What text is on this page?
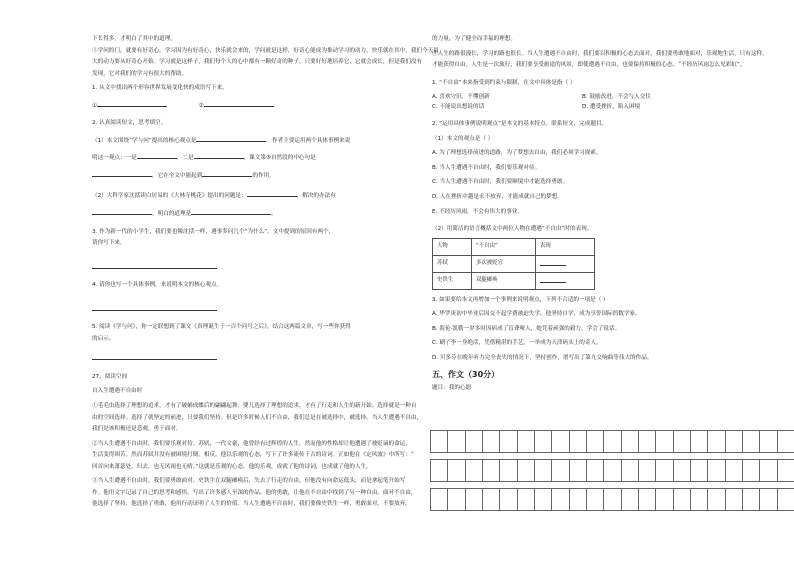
下长得多，才明白了其中的道理。

⑤学问的门，就要有好奇心，学习因为有好奇心，快乐就会来的，学问就是这样，好奇心能成为推动学习的动力，快乐就在其中。我们今天最

大的动力要从好奇心开始。学习就是这样子，我们每个人的心中都有一颗好奇的种子，只要好好地培养它，它就会成长，但是我们没有

发现，它对我们的学习有很大的帮助。

1. 从文中找出两个形容世界发展变化快的成语写下来。

①	②

2. 认真阅读短文，思考填空。

（1）本文围绕“学与问”提出的核心观点是	。作者主要运用两个具体事例来说

明这一观点：一是	，二是	，课文第⑤自然段的中心句是

，它在全文中能起到	的作用。

（2）大科学家沈括读白居易的《大林寺桃花》提出的问题是：	，解决的办法有

，明白的道理是	。

3. 作为新一代的小学生，我们要也像沈括一样，遇事多问几个“为什么”，文中提到的原因有两个，

请你写下来。

4. 请你也写一个具体事例，来说明本文的核心观点。

5. 阅读《学与问》，你一定联想到了课文《真理诞生于一百个问号之后》，结合这两篇文章，写一些你获得

的启示。

27、阅读空间

自入生遭遇不自由时

①毛毛虫选择了理想的追求，才有了破蛹成蝶后的翩翩起舞；婴儿选择了理想的追求，才有了行走和人生的新开始。选择就是一种自

由的空间选择。选择了就坚定的前进，只要我们坚持。但是许多时候人们不自由，我们总是在被选择中，被选择。当人生遭遇不自由，

我们是该积极还是悲观，勇于面对。

②当人生遭遇不自由时，我们要乐观对待。苏轼，一代文豪，他曾经有过辉煌的人生，然而他的性格却让他遭遇了被贬谪的命运，

生活变得困苦。然而苏轼并没有被困境打倒，相反，他以乐观的心态，写下了许多流传千古的诗词。正如他在《定风波》中所写：“

回首向来萧瑟处，归去，也无风雨也无晴。”这就是乐观的心态，他的乐观，成就了他的诗词，也成就了他的人生。

③当人生遭遇不自由时，我们要勇敢面对。史铁生在双腿瘫痪后，失去了行走的自由，但他没有向命运低头，而是拿起笔开始写

作。他用文字记录了自己的思考和感悟，写出了许多感人至深的作品。他的勇敢，让他在不自由中找到了另一种自由。面对不自由，

他选择了坚持，他选择了勇敢，他用行动证明了人生的价值。当人生遭遇不自由时，我们要像史铁生一样，勇敢面对，不要放弃。

的力量，为了健全而幸福的理想。

④人生的路很漫长，学习的路也很长。当人生遭遇不自由时，我们要以积极的心态去面对，我们要勇敢地面对，乐观地生活，只有这样，

才能获得自由。人生是一次旅行，我们要享受旅途的风景，即使遭遇不自由，也要保持积极的心态。“不经历风雨怎么见彩虹”。

1. “不自由”本来指受到约束与限制，在文中具体是指（ ）

A. 喜欢守旧，不懂创新	B. 鼓励改进，不会与人交往
C. 不能说出想说的话	D. 遭受挫折，陷入困境

2. “运用具体事例说明观点”是本文的基本特点。联系短文，完成题目。

（1）本文的观点是（ ）

A. 为了理想选择前进的道路，为了梦想去自由，我们必须学习探索。

B. 当人生遭遇不自由时，我们要乐观对待。

C. 当人生遭遇不自由时，我们要顺境中才能选择勇敢。

D. 人在挫折中越是永不放弃，才能成就自己的梦想。

E. 不经历风雨，不会有伟大的事业。

（2）用简洁的语言概括文中两位人物在遭遇“不自由”时的表现。

人物	“不自由”	表现
苏轼	多次被贬官	
史铁生	双腿瘫痪	

3. 如果要给本文再增加一个事例来说明观点，下列不合适的一项是（ ）

A. 华罗庚初中毕业后因交不起学费被迫失学，他坚持自学，成为享誉国际的数学家。

B. 海伦·凯勒一岁多时因病成了盲聋哑人，她凭着顽强的毅力，学会了说话。

C. 刷子李一身绝活，凭借精湛的手艺，一举成为天津码头上的奇人。

D. 贝多芬在晚年听力完全丧失的情况下，坚持创作，谱写出了第九交响曲等伟大的作品。

五、作文（30分）

题目：我的心愿
